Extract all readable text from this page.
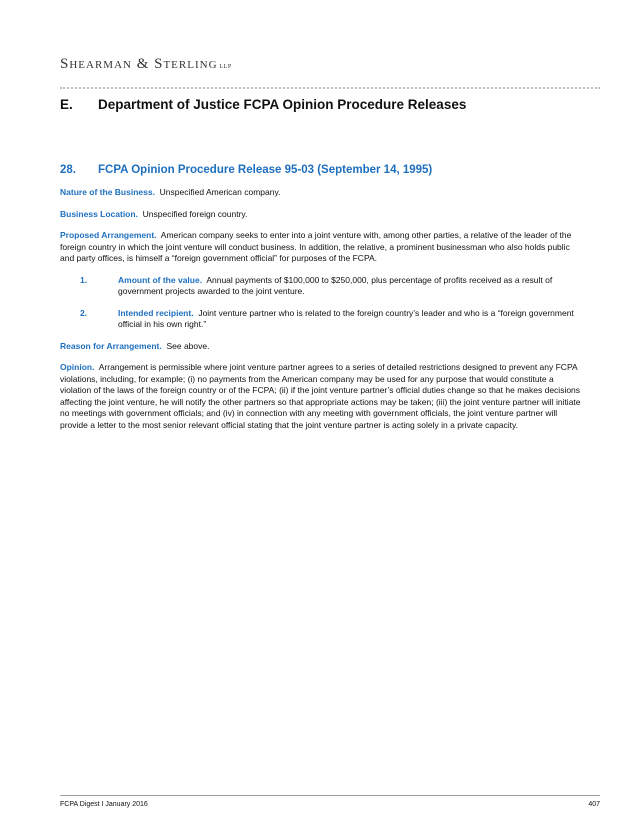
Shearman & Sterling LLP
E. Department of Justice FCPA Opinion Procedure Releases
28. FCPA Opinion Procedure Release 95-03 (September 14, 1995)

Nature of the Business. Unspecified American company.

Business Location. Unspecified foreign country.

Proposed Arrangement. American company seeks to enter into a joint venture with, among other parties, a relative of the leader of the foreign country in which the joint venture will conduct business. In addition, the relative, a prominent businessman who also holds public and party offices, is himself a “foreign government official” for purposes of the FCPA.

1.	Amount of the value. Annual payments of $100,000 to $250,000, plus percentage of profits received as a result of government projects awarded to the joint venture.
2.	Intended recipient. Joint venture partner who is related to the foreign country’s leader and who is a “foreign government official in his own right.”

Reason for Arrangement. See above.

Opinion. Arrangement is permissible where joint venture partner agrees to a series of detailed restrictions designed to prevent any FCPA violations, including, for example; (i) no payments from the American company may be used for any purpose that would constitute a violation of the laws of the foreign country or of the FCPA; (ii) if the joint venture partner’s official duties change so that he makes decisions affecting the joint venture, he will notify the other partners so that appropriate actions may be taken; (iii) the joint venture partner will initiate no meetings with government officials; and (iv) in connection with any meeting with government officials, the joint venture partner will provide a letter to the most senior relevant official stating that the joint venture partner is acting solely in a private capacity.

FCPA Digest I January 2016	407
